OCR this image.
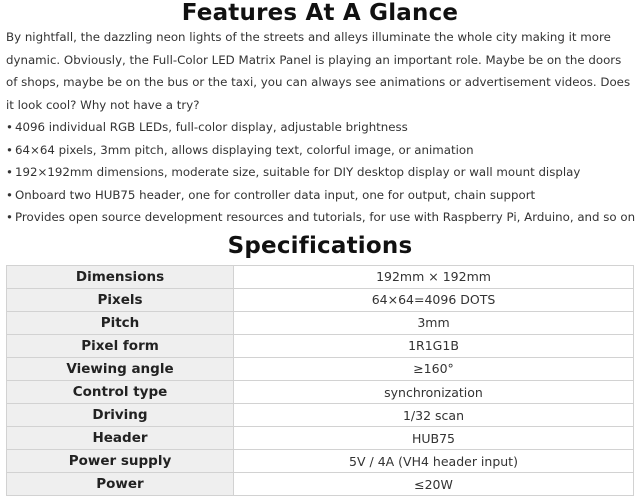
Features At A Glance

By nightfall, the dazzling neon lights of the streets and alleys illuminate the whole city making it more dynamic. Obviously, the Full-Color LED Matrix Panel is playing an important role. Maybe be on the doors of shops, maybe be on the bus or the taxi, you can always see animations or advertisement videos. Does it look cool? Why not have a try?

• 4096 individual RGB LEDs, full-color display, adjustable brightness
• 64×64 pixels, 3mm pitch, allows displaying text, colorful image, or animation
• 192×192mm dimensions, moderate size, suitable for DIY desktop display or wall mount display
• Onboard two HUB75 header, one for controller data input, one for output, chain support
• Provides open source development resources and tutorials, for use with Raspberry Pi, Arduino, and so on
Specifications
Dimensions	192mm × 192mm
Pixels	64×64=4096 DOTS
Pitch	3mm
Pixel form	1R1G1B
Viewing angle	≥160°
Control type	synchronization
Driving	1/32 scan
Header	HUB75
Power supply	5V / 4A (VH4 header input)
Power	≤20W
